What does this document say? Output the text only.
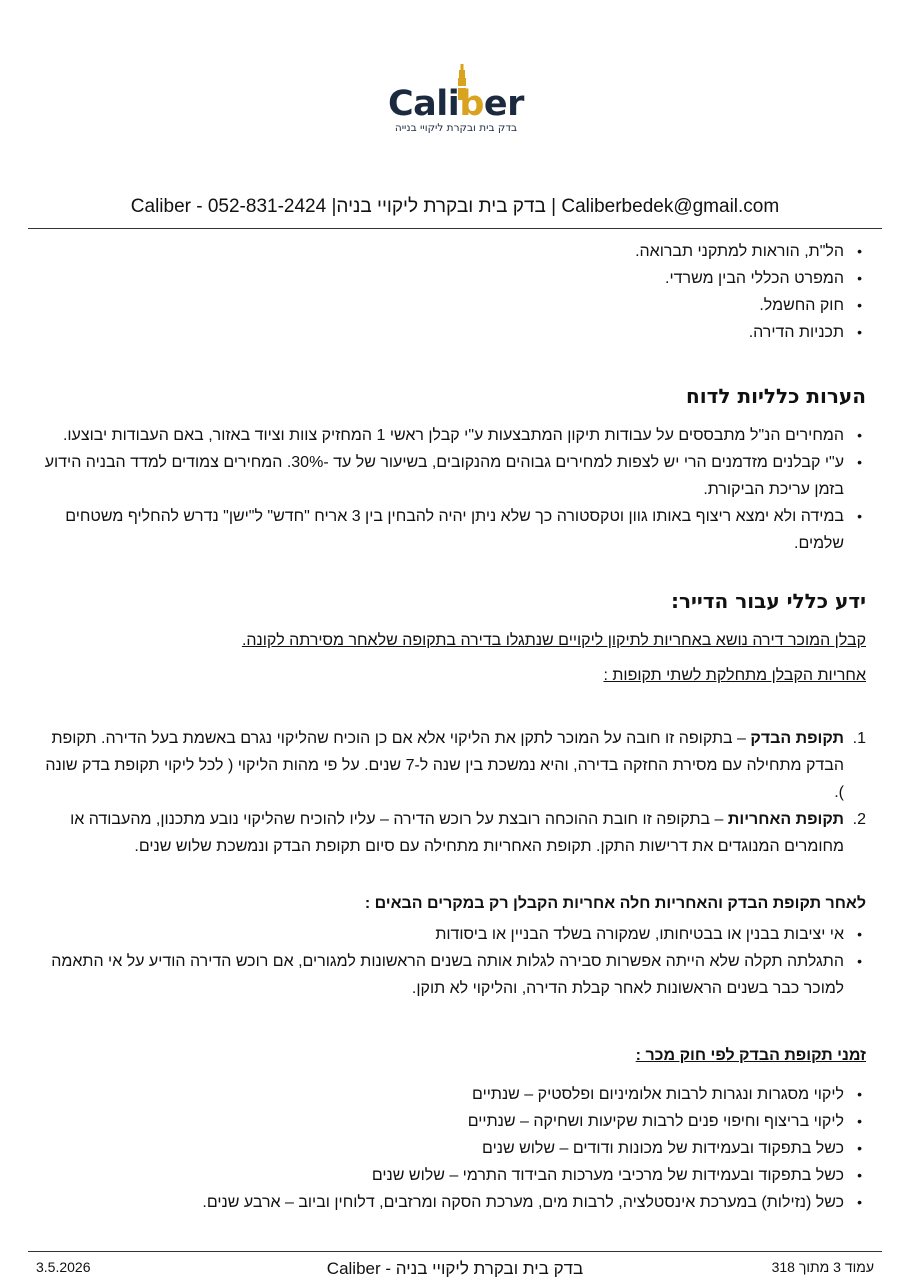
Caliber
בדק בית ובקרת ליקויי בנייה
Caliber - בדק בית ובקרת ליקויי בניה| 052-831-2424 | Caliberbedek@gmail.com
• הל"ת, הוראות למתקני תברואה.
• המפרט הכללי הבין משרדי.
• חוק החשמל.
• תכניות הדירה.
הערות כלליות לדוח
• המחירים הנ"ל מתבססים על עבודות תיקון המתבצעות ע"י קבלן ראשי 1 המחזיק צוות וציוד באזור, באם העבודות יבוצעו.
• ע"י קבלנים מזדמנים הרי יש לצפות למחירים גבוהים מהנקובים, בשיעור של עד -30%. המחירים צמודים למדד הבניה הידוע בזמן עריכת הביקורת.
• במידה ולא ימצא ריצוף באותו גוון וטקסטורה כך שלא ניתן יהיה להבחין בין 3 אריח "חדש" ל"ישן" נדרש להחליף משטחים שלמים.
ידע כללי עבור הדייר:
קבלן המוכר דירה נושא באחריות לתיקון ליקויים שנתגלו בדירה בתקופה שלאחר מסירתה לקונה.
אחריות הקבלן מתחלקת לשתי תקופות :
1.
תקופת הבדק – בתקופה זו חובה על המוכר לתקן את הליקוי אלא אם כן הוכיח שהליקוי נגרם באשמת בעל הדירה. תקופת הבדק מתחילה עם מסירת החזקה בדירה, והיא נמשכת בין שנה ל-7 שנים. על פי מהות הליקוי ( לכל ליקוי תקופת בדק שונה ).
2.
תקופת האחריות – בתקופה זו חובת ההוכחה רובצת על רוכש הדירה – עליו להוכיח שהליקוי נובע מתכנון, מהעבודה או מחומרים המנוגדים את דרישות התקן. תקופת האחריות מתחילה עם סיום תקופת הבדק ונמשכת שלוש שנים.
לאחר תקופת הבדק והאחריות חלה אחריות הקבלן רק במקרים הבאים :
• אי יציבות בבנין או בבטיחותו, שמקורה בשלד הבניין או ביסודות
• התגלתה תקלה שלא הייתה אפשרות סבירה לגלות אותה בשנים הראשונות למגורים, אם רוכש הדירה הודיע על אי התאמה למוכר כבר בשנים הראשונות לאחר קבלת הדירה, והליקוי לא תוקן.
זמני תקופת הבדק לפי חוק מכר :
• ליקוי מסגרות ונגרות לרבות אלומיניום ופלסטיק – שנתיים
• ליקוי בריצוף וחיפוי פנים לרבות שקיעות ושחיקה – שנתיים
• כשל בתפקוד ובעמידות של מכונות ודודים – שלוש שנים
• כשל בתפקוד ובעמידות של מרכיבי מערכות הבידוד התרמי – שלוש שנים
• כשל (נזילות) במערכת אינסטלציה, לרבות מים, מערכת הסקה ומרזבים, דלוחין וביוב – ארבע שנים.
עמוד 3 מתוך 318
בדק בית ובקרת ליקויי בניה - Caliber
3.5.2026
